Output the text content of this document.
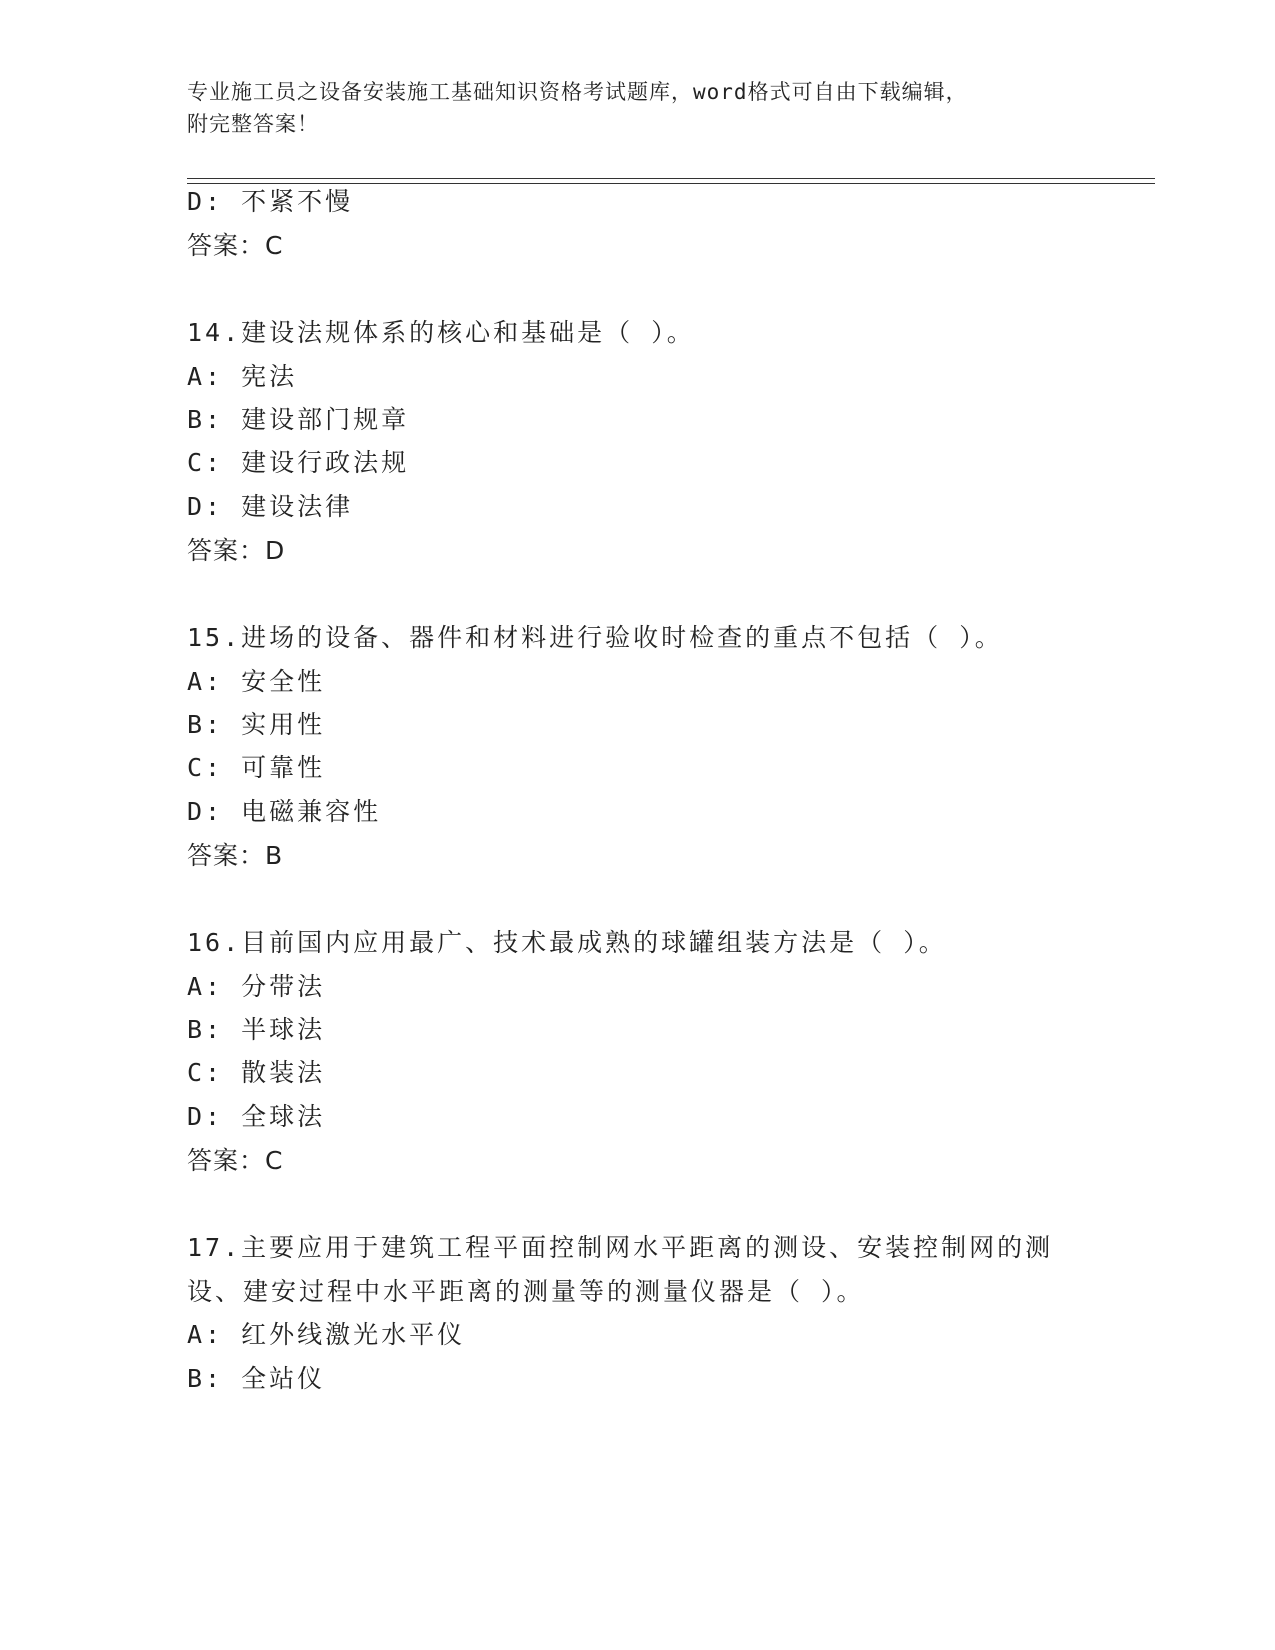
专业施工员之设备安装施工基础知识资格考试题库，word格式可自由下载编辑，
附完整答案！
D: 不紧不慢
答案：C
14.建设法规体系的核心和基础是（ ）。
A: 宪法
B: 建设部门规章
C: 建设行政法规
D: 建设法律
答案：D
15.进场的设备、器件和材料进行验收时检查的重点不包括（ ）。
A: 安全性
B: 实用性
C: 可靠性
D: 电磁兼容性
答案：B
16.目前国内应用最广、技术最成熟的球罐组装方法是（ ）。
A: 分带法
B: 半球法
C: 散装法
D: 全球法
答案：C
17.主要应用于建筑工程平面控制网水平距离的测设、安装控制网的测
设、建安过程中水平距离的测量等的测量仪器是（ ）。
A: 红外线激光水平仪
B: 全站仪
